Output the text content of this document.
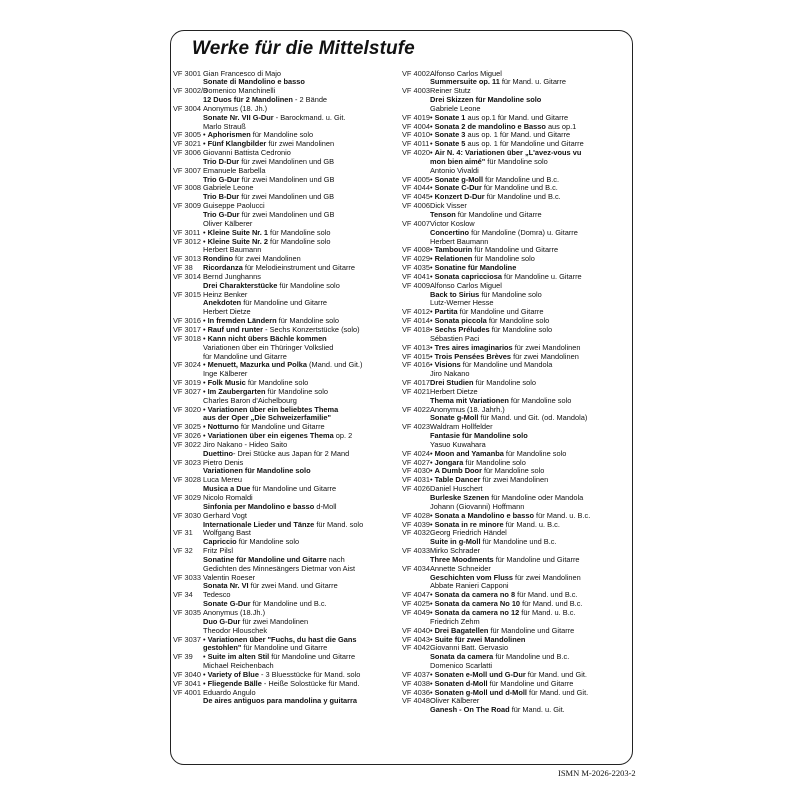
Werke für die Mittelstufe
VF 3001 Gian Francesco di Majo
Sonate di Mandolino e basso
VF 3002/3
Domenico Manchinelli
12 Duos für 2 Mandolinen - 2 Bände
VF 3004 Anonymus (18. Jh.)
Sonate Nr. VII G-Dur - Barockmand. u. Git.
Marlo Strauß
VF 3005 • Aphorismen für Mandoline solo
VF 3021 • Fünf Klangbilder für zwei Mandolinen
VF 3006 Giovanni Battista Cedronio
Trio D-Dur für zwei Mandolinen und GB
VF 3007 Emanuele Barbella
Trio G-Dur für zwei Mandolinen und GB
VF 3008 Gabriele Leone
Trio B-Dur für zwei Mandolinen und GB
VF 3009 Guiseppe Paolucci
Trio G-Dur für zwei Mandolinen und GB
Oliver Kälberer
VF 3011 • Kleine Suite Nr. 1 für Mandoline solo
VF 3012 • Kleine Suite Nr. 2 für Mandoline solo
Herbert Baumann
VF 3013 Rondino für zwei Mandolinen
VF 38	Ricordanza für Melodieinstrument und Gitarre
VF 3014 Bernd Junghanns
Drei Charakterstücke für Mandoline solo
VF 3015 Heinz Benker
Anekdoten für Mandoline und Gitarre
Herbert Dietze
VF 3016 • In fremden Ländern für Mandoline solo
VF 3017 • Rauf und runter - Sechs Konzertstücke (solo)
VF 3018 • Kann nicht übers Bächle kommen
Variationen über ein Thüringer Volkslied
für Mandoline und Gitarre
VF 3024 • Menuett, Mazurka und Polka (Mand. und Git.)
Inge Kälberer
VF 3019 • Folk Music für Mandoline solo
VF 3027 • Im Zaubergarten für Mandoline solo
Charles Baron d'Aichelbourg
VF 3020 • Variationen über ein beliebtes Thema
aus der Oper „Die Schweizerfamilie"
VF 3025 • Notturno für Mandoline und Gitarre
VF 3026 • Variationen über ein eigenes Thema op. 2
VF 3022 Jiro Nakano - Hideo Saito
Duettino- Drei Stücke aus Japan für 2 Mand
VF 3023 Pietro Denis
Variationen für Mandoline solo
VF 3028 Luca Mereu
Musica a Due für Mandoline und Gitarre
VF 3029 Nicolo Romaldi
Sinfonia per Mandolino e basso d-Moll
VF 3030 Gerhard Vogt
Internationale Lieder und Tänze für Mand. solo
VF 31	Wolfgang Bast
Capriccio für Mandoline solo
VF 32	Fritz Pilsl
Sonatine für Mandoline und Gitarre nach
Gedichten des Minnesängers Dietmar von Aist
VF 3033 Valentin Roeser
Sonata Nr. VI für zwei Mand. und Gitarre
VF 34	Tedesco
Sonate G-Dur für Mandoline und B.c.
VF 3035 Anonymus (18.Jh.)
Duo G-Dur für zwei Mandolinen
Theodor Hlouschek
VF 3037 • Variationen über "Fuchs, du hast die Gans
gestohlen" für Mandoline und Gitarre
VF 39	• Suite im alten Stil für Mandoline und Gitarre
Michael Reichenbach
VF 3040 • Variety of Blue - 3 Bluesstücke für Mand. solo
VF 3041 • Fliegende Bälle - Heiße Solostücke für Mand.
VF 4001 Eduardo Angulo
De aires antiguos para mandolina y guitarra
VF 4002 Alfonso Carlos Miguel
Summersuite op. 11 für Mand. u. Gitarre
VF 4003 Reiner Stutz
Drei Skizzen für Mandoline solo
Gabriele Leone
VF 4019 • Sonate 1 aus op.1 für Mand. und Gitarre
VF 4004 • Sonata 2 de mandolino e Basso aus op.1
VF 4010 • Sonate 3 aus op. 1 für Mand. und Gitarre
VF 4011 • Sonate 5 aus op. 1 für Mandoline und Gitarre
VF 4020 • Air N. 4: Variationen über „L'avez-vous vu
mon bien aimé" für Mandoline solo
Antonio Vivaldi
VF 4005 • Sonate g-Moll für Mandoline und B.c.
VF 4044 • Sonate C-Dur für Mandoline und B.c.
VF 4045 • Konzert D-Dur für Mandoline und B.c.
VF 4006 Dick Visser
Tenson für Mandoline und Gitarre
VF 4007 Victor Koslow
Concertino für Mandoline (Domra) u. Gitarre
Herbert Baumann
VF 4008 • Tambourin für Mandoline und Gitarre
VF 4029 • Relationen für Mandoline solo
VF 4035 • Sonatine für Mandoline
VF 4041 • Sonata capricciosa für Mandoline u. Gitarre
VF 4009 Alfonso Carlos Miguel
Back to Sirius für Mandoline solo
Lutz-Werner Hesse
VF 4012 • Partita für Mandoline und Gitarre
VF 4014 • Sonata piccola für Mandoline solo
VF 4018 • Sechs Préludes für Mandoline solo
Sébastien Paci
VF 4013 • Tres aires imaginarios für zwei Mandolinen
VF 4015 • Trois Pensées Brèves für zwei Mandolinen
VF 4016 • Visions für Mandoline und Mandola
Jiro Nakano
VF 4017 Drei Studien für Mandoline solo
VF 4021 Herbert Dietze
Thema mit Variationen für Mandoline solo
VF 4022 Anonymus (18. Jahrh.)
Sonate g-Moll für Mand. und Git. (od. Mandola)
VF 4023 Waldram Hollfelder
Fantasie für Mandoline solo
Yasuo Kuwahara
VF 4024 • Moon and Yamanba für Mandoline solo
VF 4027 • Jongara für Mandoline solo
VF 4030 • A Dumb Door für Mandoline solo
VF 4031 • Table Dancer für zwei Mandolinen
VF 4026 Daniel Huschert
Burleske Szenen für Mandoline oder Mandola
Johann (Giovanni) Hoffmann
VF 4028 • Sonata a Mandolino e basso für Mand. u. B.c.
VF 4039 • Sonata in re minore für Mand. u. B.c.
VF 4032 Georg Friedrich Händel
Suite in g-Moll für Mandoline und B.c.
VF 4033 Mirko Schrader
Three Moodments für Mandoline und Gitarre
VF 4034 Annette Schneider
Geschichten vom Fluss für zwei Mandolinen
Abbate Ranieri Capponi
VF 4047 • Sonata da camera no 8 für Mand. und B.c.
VF 4025 • Sonata da camera No 10 für Mand. und B.c.
VF 4049 • Sonata da camera no 12 für Mand. u. B.c.
Friedrich Zehm
VF 4040 • Drei Bagatellen für Mandoline und Gitarre
VF 4043 • Suite für zwei Mandolinen
VF 4042 Giovanni Batt. Gervasio
Sonata da camera für Mandoline und B.c.
Domenico Scarlatti
VF 4037 • Sonaten e-Moll und G-Dur für Mand. und Git.
VF 4038 • Sonaten d-Moll für Mandoline und Gitarre
VF 4036 • Sonaten g-Moll und d-Moll für Mand. und Git.
VF 4048 Oliver Kälberer
Ganesh - On The Road für Mand. u. Git.
ISMN M-2026-2203-2
